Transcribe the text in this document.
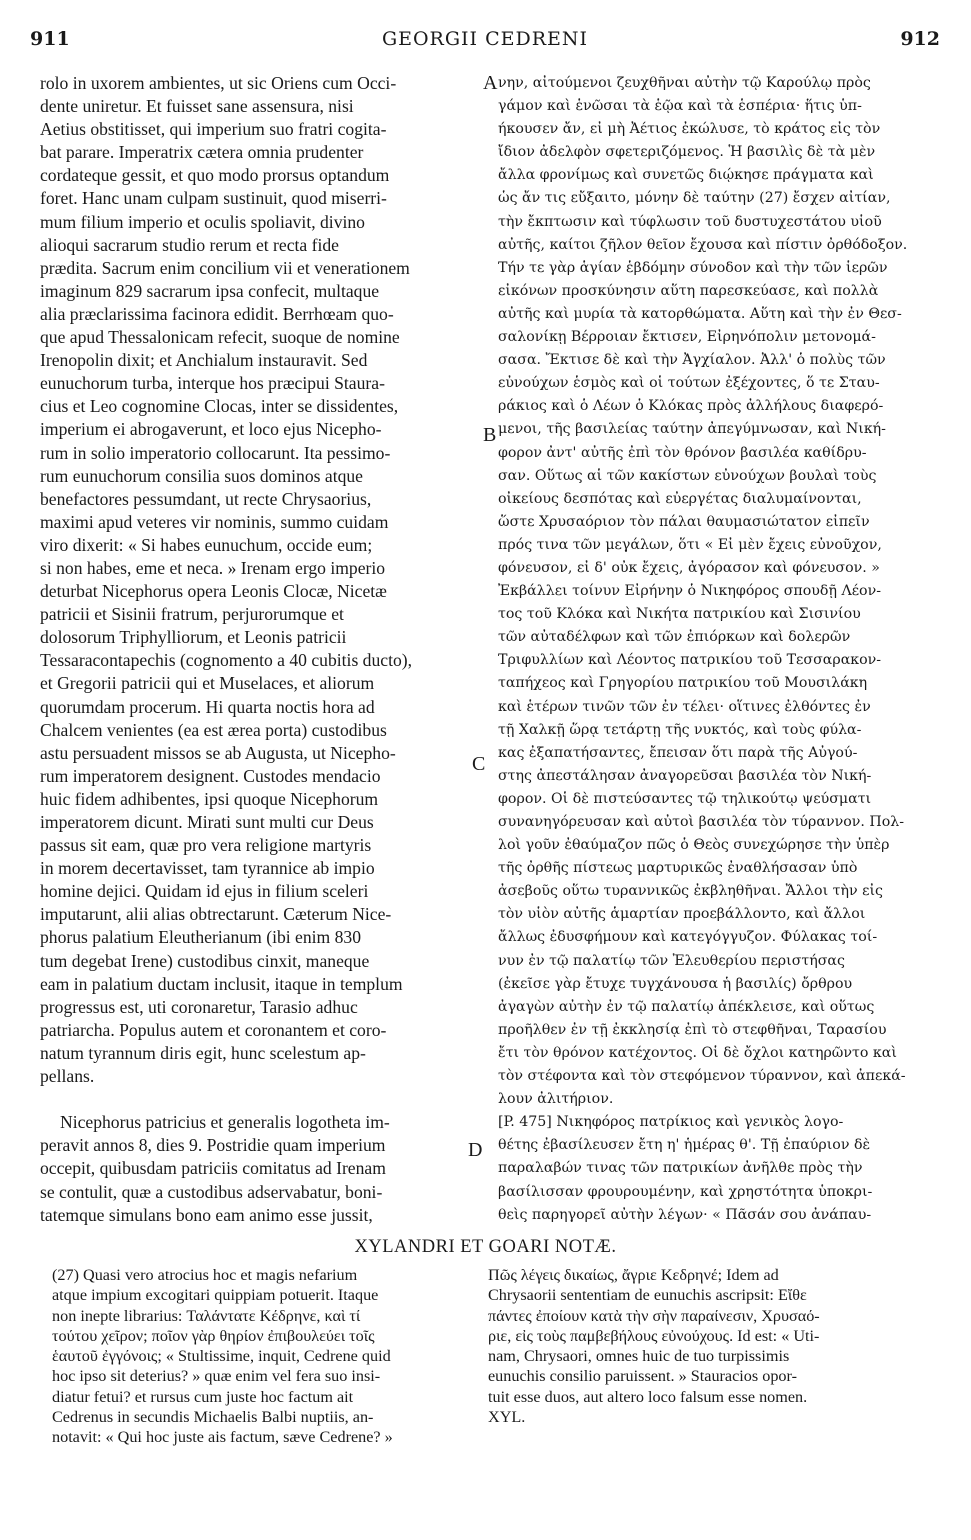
911	GEORGII CEDRENI	912
rolo in uxorem ambientes, ut sic Oriens cum Occi-
dente uniretur. Et fuisset sane assensura, nisi
Aetius obstitisset, qui imperium suo fratri cogita-
bat parare. Imperatrix cætera omnia prudenter
cordateque gessit, et quo modo prorsus optandum
foret. Hanc unam culpam sustinuit, quod miserri-
mum filium imperio et oculis spoliavit, divino
alioqui sacrarum studio rerum et recta fide
prædita. Sacrum enim concilium vii et venerationem
imaginum 829 sacrarum ipsa confecit, multaque
alia præclarissima facinora edidit. Berrhœam quo-
que apud Thessalonicam refecit, suoque de nomine
Irenopolin dixit; et Anchialum instauravit. Sed
eunuchorum turba, interque hos præcipui Staura-
cius et Leo cognomine Clocas, inter se dissidentes,
imperium ei abrogaverunt, et loco ejus Nicepho-
rum in solio imperatorio collocarunt. Ita pessimo-
rum eunuchorum consilia suos dominos atque
benefactores pessumdant, ut recte Chrysaorius,
maximi apud veteres vir nominis, summo cuidam
viro dixerit: « Si habes eunuchum, occide eum;
si non habes, eme et neca. » Irenam ergo imperio
deturbat Nicephorus opera Leonis Clocæ, Nicetæ
patricii et Sisinii fratrum, perjurorumque et
dolosorum Triphylliorum, et Leonis patricii
Tessaracontapechis (cognomento a 40 cubitis ducto),
et Gregorii patricii qui et Muselaces, et aliorum
quorumdam procerum. Hi quarta noctis hora ad
Chalcem venientes (ea est ærea porta) custodibus
astu persuadent missos se ab Augusta, ut Nicepho-
rum imperatorem designent. Custodes mendacio
huic fidem adhibentes, ipsi quoque Nicephorum
imperatorem dicunt. Mirati sunt multi cur Deus
passus sit eam, quæ pro vera religione martyris
in morem decertavisset, tam tyrannice ab impio
homine dejici. Quidam id ejus in filium sceleri
imputarunt, alii alias obtrectarunt. Cæterum Nice-
phorus palatium Eleutherianum (ibi enim 830
tum degebat Irene) custodibus cinxit, maneque
eam in palatium ductam inclusit, itaque in templum
progressus est, uti coronaretur, Tarasio adhuc
patriarcha. Populus autem et coronantem et coro-
natum tyrannum diris egit, hunc scelestum ap-
pellans.

Nicephorus patricius et generalis logotheta im-
peravit annos 8, dies 9. Postridie quam imperium
occepit, quibusdam patriciis comitatus ad Irenam
se contulit, quæ a custodibus adservabatur, boni-
tatemque simulans bono eam animo esse jussit,
A
B
C
D
νην, αἰτούμενοι ζευχθῆναι αὐτὴν τῷ Καρούλῳ πρὸς
γάμον καὶ ἑνῶσαι τὰ ἑῷα καὶ τὰ ἑσπέρια· ἥτις ὑπ-
ήκουσεν ἄν, εἰ μὴ Ἀέτιος ἐκώλυσε, τὸ κράτος εἰς τὸν
ἴδιον ἀδελφὸν σφετεριζόμενος. Ἡ βασιλὶς δὲ τὰ μὲν
ἄλλα φρονίμως καὶ συνετῶς διῴκησε πράγματα καὶ
ὡς ἄν τις εὔξαιτο, μόνην δὲ ταύτην (27) ἔσχεν αἰτίαν,
τὴν ἔκπτωσιν καὶ τύφλωσιν τοῦ δυστυχεστάτου υἱοῦ
αὐτῆς, καίτοι ζῆλον θεῖον ἔχουσα καὶ πίστιν ὀρθόδοξον.
Τήν τε γὰρ ἁγίαν ἑβδόμην σύνοδον καὶ τὴν τῶν ἱερῶν
εἰκόνων προσκύνησιν αὕτη παρεσκεύασε, καὶ πολλὰ
αὐτῆς καὶ μυρία τὰ κατορθώματα. Αὕτη καὶ τὴν ἐν Θεσ-
σαλονίκῃ Βέρροιαν ἔκτισεν, Εἰρηνόπολιν μετονομά-
σασα. Ἔκτισε δὲ καὶ τὴν Ἀγχίαλον. Ἀλλ' ὁ πολὺς τῶν
εὐνούχων ἑσμὸς καὶ οἱ τούτων ἐξέχοντες, ὅ τε Σταυ-
ράκιος καὶ ὁ Λέων ὁ Κλόκας πρὸς ἀλλήλους διαφερό-
μενοι, τῆς βασιλείας ταύτην ἀπεγύμνωσαν, καὶ Νική-
φορον ἀντ' αὐτῆς ἐπὶ τὸν θρόνον βασιλέα καθίδρυ-
σαν. Οὕτως αἱ τῶν κακίστων εὐνούχων βουλαὶ τοὺς
οἰκείους δεσπότας καὶ εὐεργέτας διαλυμαίνονται,
ὥστε Χρυσαόριον τὸν πάλαι θαυμασιώτατον εἰπεῖν
πρός τινα τῶν μεγάλων, ὅτι « Εἰ μὲν ἔχεις εὐνοῦχον,
φόνευσον, εἰ δ' οὐκ ἔχεις, ἀγόρασον καὶ φόνευσον. »
Ἐκβάλλει τοίνυν Εἰρήνην ὁ Νικηφόρος σπουδῇ Λέον-
τος τοῦ Κλόκα καὶ Νικήτα πατρικίου καὶ Σισινίου
τῶν αὐταδέλφων καὶ τῶν ἐπιόρκων καὶ δολερῶν
Τριφυλλίων καὶ Λέοντος πατρικίου τοῦ Τεσσαρακον-
ταπήχεος καὶ Γρηγορίου πατρικίου τοῦ Μουσιλάκη
καὶ ἑτέρων τινῶν τῶν ἐν τέλει· οἵτινες ἐλθόντες ἐν
τῇ Χαλκῇ ὥρᾳ τετάρτῃ τῆς νυκτός, καὶ τοὺς φύλα-
κας ἐξαπατήσαντες, ἔπεισαν ὅτι παρὰ τῆς Αὐγού-
στης ἀπεστάλησαν ἀναγορεῦσαι βασιλέα τὸν Νική-
φορον. Οἱ δὲ πιστεύσαντες τῷ τηλικούτῳ ψεύσματι
συνανηγόρευσαν καὶ αὐτοὶ βασιλέα τὸν τύραννον. Πολ-
λοὶ γοῦν ἐθαύμαζον πῶς ὁ Θεὸς συνεχώρησε τὴν ὑπὲρ
τῆς ὀρθῆς πίστεως μαρτυρικῶς ἐναθλήσασαν ὑπὸ
ἀσεβοῦς οὕτω τυραννικῶς ἐκβληθῆναι. Ἄλλοι τὴν εἰς
τὸν υἱὸν αὐτῆς ἁμαρτίαν προεβάλλοντο, καὶ ἄλλοι
ἄλλως ἐδυσφήμουν καὶ κατεγόγγυζον. Φύλακας τοί-
νυν ἐν τῷ παλατίῳ τῶν Ἐλευθερίου περιστήσας
(ἐκεῖσε γὰρ ἔτυχε τυγχάνουσα ἡ βασιλίς) ὄρθρου
ἀγαγὼν αὐτὴν ἐν τῷ παλατίῳ ἀπέκλεισε, καὶ οὕτως
προῆλθεν ἐν τῇ ἐκκλησίᾳ ἐπὶ τὸ στεφθῆναι, Ταρασίου
ἔτι τὸν θρόνον κατέχοντος. Οἱ δὲ ὄχλοι κατηρῶντο καὶ
τὸν στέφοντα καὶ τὸν στεφόμενον τύραννον, καὶ ἀπεκά-
λουν ἀλιτήριον.
[P. 475] Νικηφόρος πατρίκιος καὶ γενικὸς λογο-
θέτης ἐβασίλευσεν ἔτη η' ἡμέρας θ'. Τῇ ἐπαύριον δὲ
παραλαβών τινας τῶν πατρικίων ἀνῆλθε πρὸς τὴν
βασίλισσαν φρουρουμένην, καὶ χρηστότητα ὑποκρι-
θεὶς παρηγορεῖ αὐτὴν λέγων· « Πᾶσάν σου ἀνάπαυ-
XYLANDRI ET GOARI NOTÆ.
(27) Quasi vero atrocius hoc et magis nefarium
atque impium excogitari quippiam potuerit. Itaque
non inepte librarius: Ταλάντατε Κέδρηνε, καὶ τί
τούτου χεῖρον; ποῖον γὰρ θηρίον ἐπιβουλεύει τοῖς
ἑαυτοῦ ἐγγόνοις; « Stultissime, inquit, Cedrene quid
hoc ipso sit deterius? » quæ enim vel fera suo insi-
diatur fetui? et rursus cum juste hoc factum ait
Cedrenus in secundis Michaelis Balbi nuptiis, an-
notavit: « Qui hoc juste ais factum, sæve Cedrene? »
Πῶς λέγεις δικαίως, ἄγριε Κεδρηνέ; Idem ad
Chrysaorii sententiam de eunuchis ascripsit: Εἴθε
πάντες ἐποίουν κατὰ τὴν σὴν παραίνεσιν, Χρυσαό-
ριε, εἰς τοὺς παμβεβήλους εὐνούχους. Id est: « Uti-
nam, Chrysaori, omnes huic de tuo turpissimis
eunuchis consilio paruissent. » Stauracios opor-
tuit esse duos, aut altero loco falsum esse nomen.
XYL.
